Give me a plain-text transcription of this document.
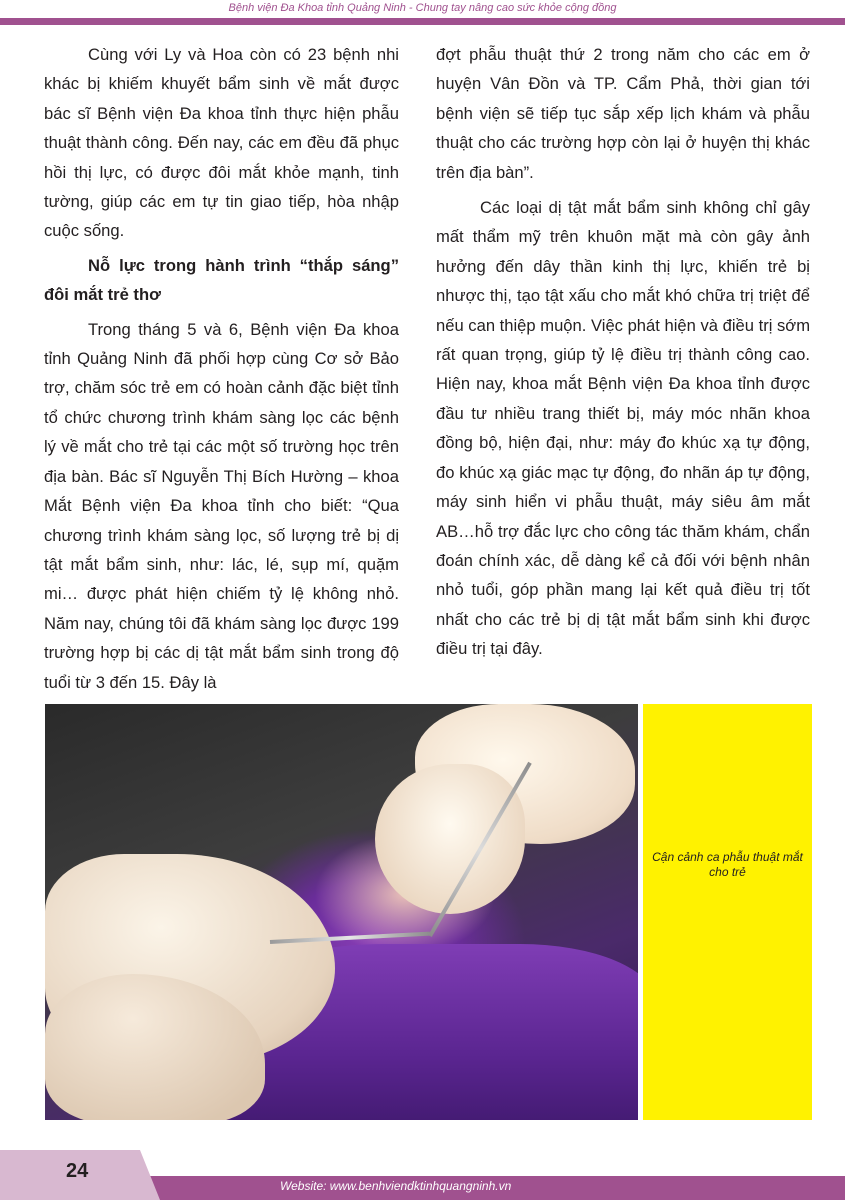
Bệnh viện Đa Khoa tỉnh Quảng Ninh - Chung tay nâng cao sức khỏe cộng đồng

Cùng với Ly và Hoa còn có 23 bệnh nhi khác bị khiếm khuyết bẩm sinh về mắt được bác sĩ Bệnh viện Đa khoa tỉnh thực hiện phẫu thuật thành công. Đến nay, các em đều đã phục hồi thị lực, có được đôi mắt khỏe mạnh, tinh tường, giúp các em tự tin giao tiếp, hòa nhập cuộc sống.

Nỗ lực trong hành trình “thắp sáng” đôi mắt trẻ thơ

Trong tháng 5 và 6, Bệnh viện Đa khoa tỉnh Quảng Ninh đã phối hợp cùng Cơ sở Bảo trợ, chăm sóc trẻ em có hoàn cảnh đặc biệt tỉnh tổ chức chương trình khám sàng lọc các bệnh lý về mắt cho trẻ tại các một số trường học trên địa bàn. Bác sĩ Nguyễn Thị Bích Hường – khoa Mắt Bệnh viện Đa khoa tỉnh cho biết: “Qua chương trình khám sàng lọc, số lượng trẻ bị dị tật mắt bẩm sinh, như: lác, lé, sụp mí, quặm mi… được phát hiện chiếm tỷ lệ không nhỏ. Năm nay, chúng tôi đã khám sàng lọc được 199 trường hợp bị các dị tật mắt bẩm sinh trong độ tuổi từ 3 đến 15. Đây là

đợt phẫu thuật thứ 2 trong năm cho các em ở huyện Vân Đồn và TP. Cẩm Phả, thời gian tới bệnh viện sẽ tiếp tục sắp xếp lịch khám và phẫu thuật cho các trường hợp còn lại ở huyện thị khác trên địa bàn”.

Các loại dị tật mắt bẩm sinh không chỉ gây mất thẩm mỹ trên khuôn mặt mà còn gây ảnh hưởng đến dây thần kinh thị lực, khiến trẻ bị nhược thị, tạo tật xấu cho mắt khó chữa trị triệt để nếu can thiệp muộn. Việc phát hiện và điều trị sớm rất quan trọng, giúp tỷ lệ điều trị thành công cao. Hiện nay, khoa mắt Bệnh viện Đa khoa tỉnh được đầu tư nhiều trang thiết bị, máy móc nhãn khoa đồng bộ, hiện đại, như: máy đo khúc xạ tự động, đo khúc xạ giác mạc tự động, đo nhãn áp tự động, máy sinh hiển vi phẫu thuật, máy siêu âm mắt AB…hỗ trợ đắc lực cho công tác thăm khám, chẩn đoán chính xác, dễ dàng kể cả đối với bệnh nhân nhỏ tuổi, góp phần mang lại kết quả điều trị tốt nhất cho các trẻ bị dị tật mắt bẩm sinh khi được điều trị tại đây.

Cận cảnh ca phẫu thuật mắt cho trẻ
24
Website: www.benhviendktinhquangninh.vn
